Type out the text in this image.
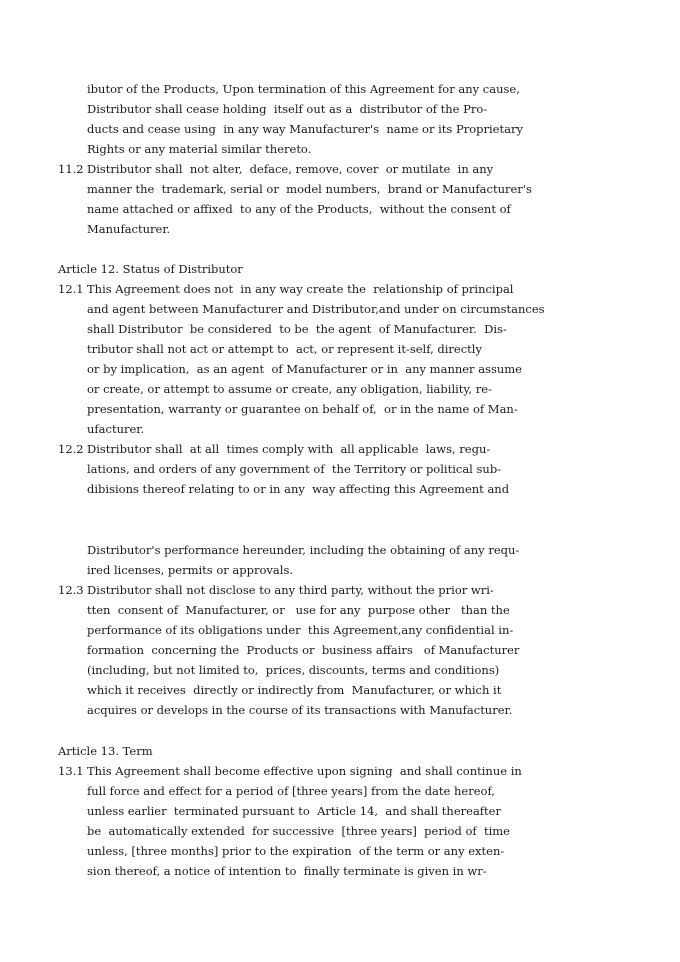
ibutor of the Products, Upon termination of this Agreement for any cause,
Distributor shall cease holding  itself out as a  distributor of the Pro-
ducts and cease using  in any way Manufacturer's  name or its Proprietary
Rights or any material similar thereto.
11.2 Distributor shall  not alter,  deface, remove, cover  or mutilate  in any
manner the  trademark, serial or  model numbers,  brand or Manufacturer's
name attached or affixed  to any of the Products,  without the consent of
Manufacturer.
Article 12. Status of Distributor
12.1 This Agreement does not  in any way create the  relationship of principal
and agent between Manufacturer and Distributor,and under on circumstances
shall Distributor  be considered  to be  the agent  of Manufacturer.  Dis-
tributor shall not act or attempt to  act, or represent it-self, directly
or by implication,  as an agent  of Manufacturer or in  any manner assume
or create, or attempt to assume or create, any obligation, liability, re-
presentation, warranty or guarantee on behalf of,  or in the name of Man-
ufacturer.
12.2 Distributor shall  at all  times comply with  all applicable  laws, regu-
lations, and orders of any government of  the Territory or political sub-
dibisions thereof relating to or in any  way affecting this Agreement and
Distributor's performance hereunder, including the obtaining of any requ-
ired licenses, permits or approvals.
12.3 Distributor shall not disclose to any third party, without the prior wri-
tten  consent of  Manufacturer, or   use for any  purpose other   than the
performance of its obligations under  this Agreement,any confidential in-
formation  concerning the  Products or  business affairs   of Manufacturer
(including, but not limited to,  prices, discounts, terms and conditions)
which it receives  directly or indirectly from  Manufacturer, or which it
acquires or develops in the course of its transactions with Manufacturer.
Article 13. Term
13.1 This Agreement shall become effective upon signing  and shall continue in
full force and effect for a period of [three years] from the date hereof,
unless earlier  terminated pursuant to  Article 14,  and shall thereafter
be  automatically extended  for successive  [three years]  period of  time
unless, [three months] prior to the expiration  of the term or any exten-
sion thereof, a notice of intention to  finally terminate is given in wr-
